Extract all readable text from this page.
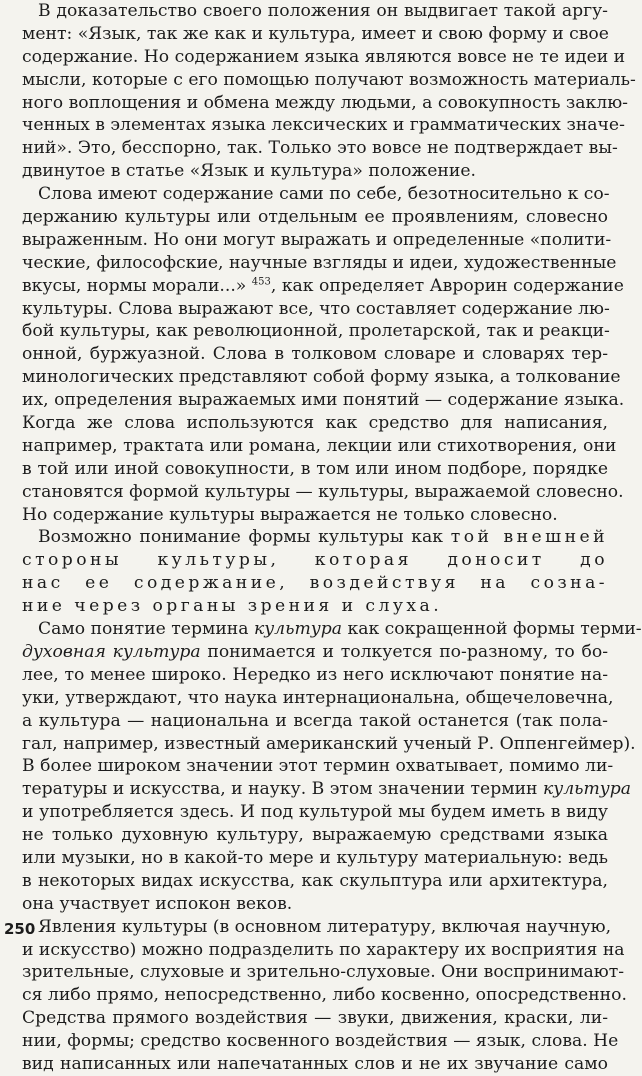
В доказательство своего положения он выдвигает такой аргу-
мент: «Язык, так же как и культура, имеет и свою форму и свое
содержание. Но содержанием языка являются вовсе не те идеи и
мысли, которые с его помощью получают возможность материаль-
ного воплощения и обмена между людьми, а совокупность заклю-
ченных в элементах языка лексических и грамматических значе-
ний». Это, бесспорно, так. Только это вовсе не подтверждает вы-
двинутое в статье «Язык и культура» положение.
Слова имеют содержание сами по себе, безотносительно к со-
держанию культуры или отдельным ее проявлениям, словесно
выраженным. Но они могут выражать и определенные «полити-
ческие, философские, научные взгляды и идеи, художественные
вкусы, нормы морали...» $^{453}$, как определяет Аврорин содержание
культуры. Слова выражают все, что составляет содержание лю-
бой культуры, как революционной, пролетарской, так и реакци-
онной, буржуазной. Слова в толковом словаре и словарях тер-
минологических представляют собой форму языка, а толкование
их, определения выражаемых ими понятий — содержание языка.
Когда же слова используются как средство для написания,
например, трактата или романа, лекции или стихотворения, они
в той или иной совокупности, в том или ином подборе, порядке
становятся формой культуры — культуры, выражаемой словесно.
Но содержание культуры выражается не только словесно.
Возможно понимание формы культуры как той внешней
стороны культуры, которая доносит до
нас ее содержание, воздействуя на созна-
ние через органы зрения и слуха.
Само понятие термина культура как сокращенной формы терми-
духовная культура понимается и толкуется по-разному, то бо-
лее, то менее широко. Нередко из него исключают понятие на-
уки, утверждают, что наука интернациональна, общечеловечна,
а культура — национальна и всегда такой останется (так пола-
гал, например, известный американский ученый Р. Оппенгеймер).
В более широком значении этот термин охватывает, помимо ли-
тературы и искусства, и науку. В этом значении термин культура
и употребляется здесь. И под культурой мы будем иметь в виду
не только духовную культуру, выражаемую средствами языка
или музыки, но в какой-то мере и культуру материальную: ведь
в некоторых видах искусства, как скульптура или архитектура,
она участвует испокон веков.
Явления культуры (в основном литературу, включая научную,
и искусство) можно подразделить по характеру их восприятия на
зрительные, слуховые и зрительно-слуховые. Они воспринимают-
ся либо прямо, непосредственно, либо косвенно, опосредственно.
Средства прямого воздействия — звуки, движения, краски, ли-
нии, формы; средство косвенного воздействия — язык, слова. Не
вид написанных или напечатанных слов и не их звучание само
250
